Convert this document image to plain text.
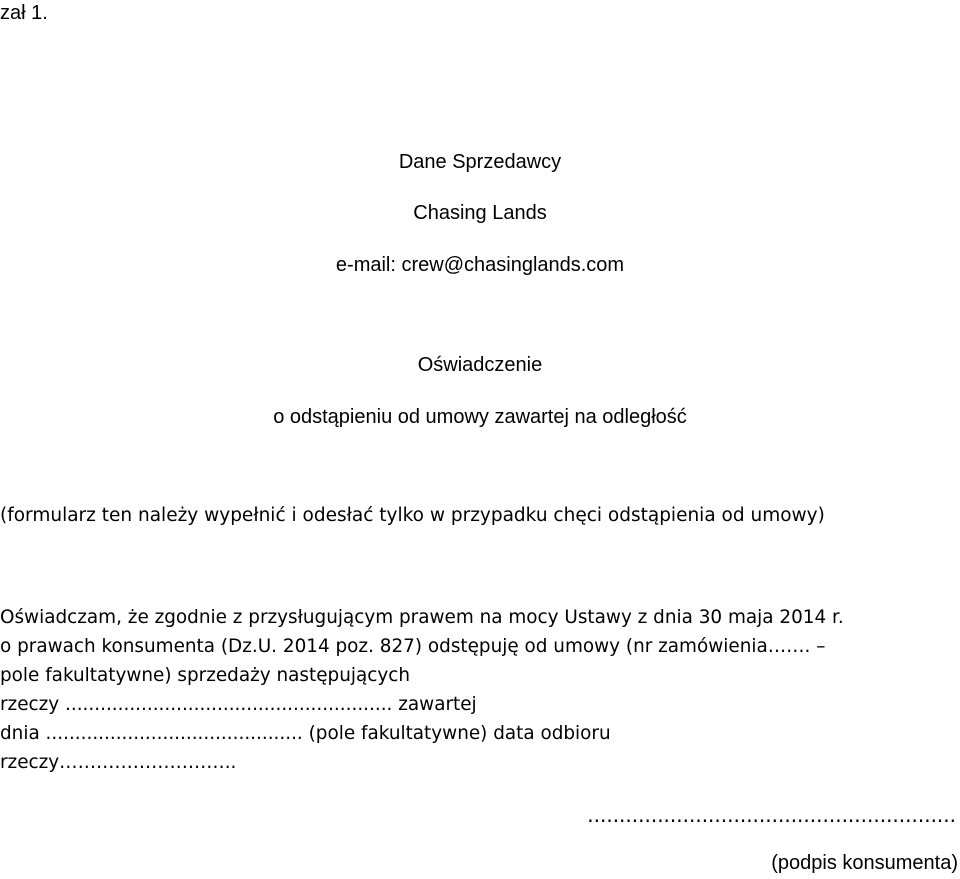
zał 1.
Dane Sprzedawcy
Chasing Lands
e-mail: crew@chasinglands.com
Oświadczenie
o odstąpieniu od umowy zawartej na odległość
(formularz ten należy wypełnić i odesłać tylko w przypadku chęci odstąpienia od umowy)
Oświadczam, że zgodnie z przysługującym prawem na mocy Ustawy z dnia 30 maja 2014 r.
o prawach konsumenta (Dz.U. 2014 poz. 827) odstępuję od umowy (nr zamówienia……. –
pole fakultatywne) sprzedaży następujących
rzeczy ........................................................ zawartej
dnia ............................................ (pole fakultatywne) data odbioru
rzeczy………………………..
..........................................................
(podpis konsumenta)
